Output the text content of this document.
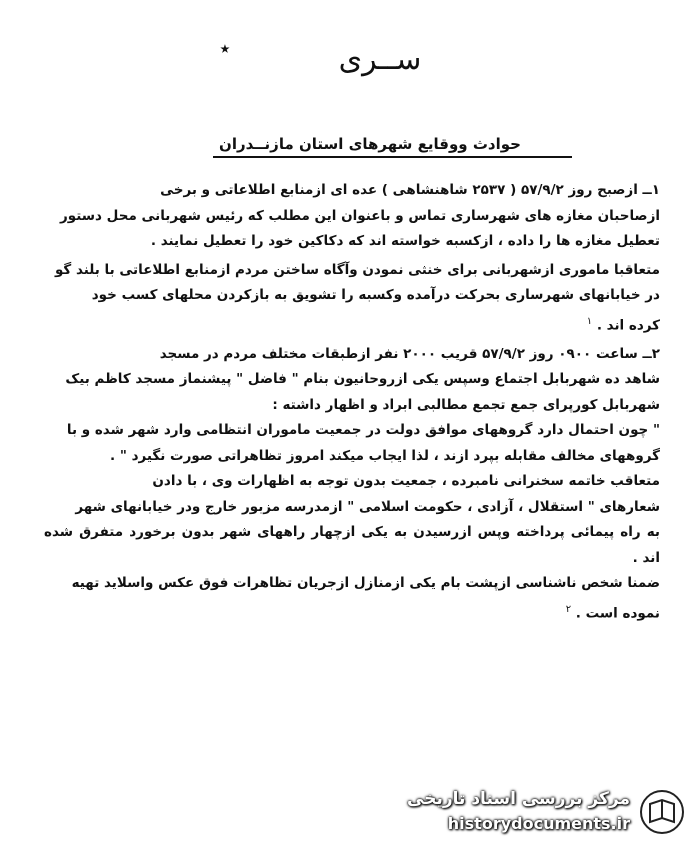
٭	ســری
حوادث ووقایع شهرهای استان مازنــدران

۱ــ ازصبح روز ۵۷/۹/۲ ( ۲۵۳۷ شاهنشاهی ) عده ای ازمنابع اطلاعاتی و برخی

ازصاحبان مغازه های شهرساری تماس و باعنوان این مطلب که رئیس شهربانی محل دستور

تعطیل مغازه ها را داده ، ازکسبه خواسته اند که دکاکین خود را تعطیل نمایند .

متعاقبا ماموری ازشهربانی برای خنثی نمودن وآگاه ساختن مردم ازمنابع اطلاعاتی با بلند گو

در خیابانهای شهرساری بحرکت درآمده وکسبه را تشویق به بازکردن محلهای کسب خود

کرده اند . $^۱$

۲ــ ساعت ۰۹۰۰ روز ۵۷/۹/۲ قریب ۲۰۰۰ نفر ازطبقات مختلف مردم در مسجد

شاهد ده شهربابل اجتماع وسپس یکی ازروحانیون بنام " فاضل " پیشنماز مسجد کاظم بیک

شهربابل کورپرای جمع تجمع مطالبی ابراد و اظهار داشته :

" چون احتمال دارد گروههای موافق دولت در جمعیت ماموران انتظامی وارد شهر شده و با

گروههای مخالف مقابله بپرد ازند ، لذا ایجاب میکند امروز تظاهراتی صورت نگیرد " .

متعاقب خاتمه سخنرانی نامبرده ، جمعیت بدون توجه به اظهارات وی ، با دادن

شعارهای " استقلال ، آزادی ، حکومت اسلامی " ازمدرسه مزبور خارج ودر خیابانهای شهر

به راه پیمائی پرداخته وپس ازرسیدن به یکی ازچهار راههای شهر بدون برخورد متفرق شده اند .

ضمنا شخص ناشناسی ازپشت بام یکی ازمنازل ازجریان تظاهرات فوق عکس واسلاید تهیه

نموده است . $^۲$

مرکز بررسی اسناد تاریخی
historydocuments.ir
